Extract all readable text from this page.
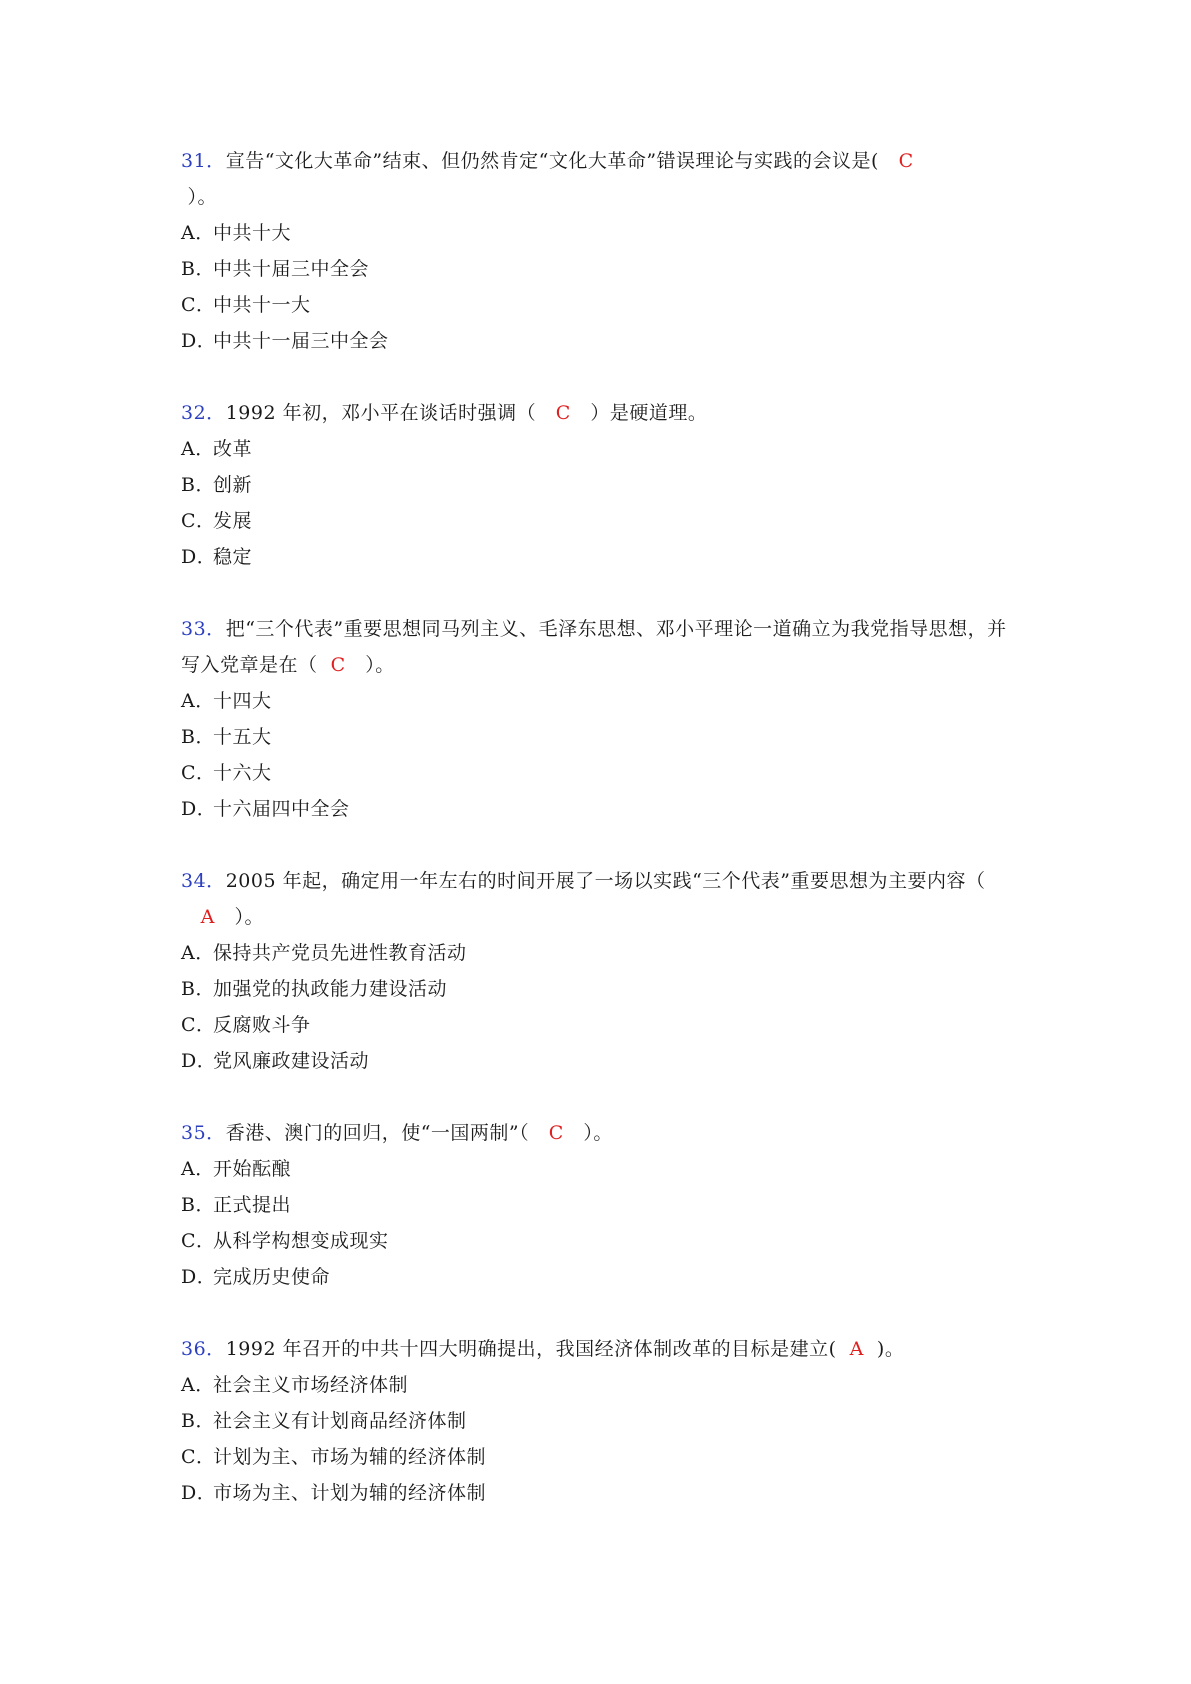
31．宣告“文化大革命”结束、但仍然肯定“文化大革命”错误理论与实践的会议是( C
）。
A．中共十大
B．中共十届三中全会
C．中共十一大
D．中共十一届三中全会
32．1992 年初，邓小平在谈话时强调（ C ）是硬道理。
A．改革
B．创新
C．发展
D．稳定
33．把“三个代表”重要思想同马列主义、毛泽东思想、邓小平理论一道确立为我党指导思想，并写入党章是在（ C ）。
A．十四大
B．十五大
C．十六大
D．十六届四中全会
34．2005 年起，确定用一年左右的时间开展了一场以实践“三个代表”重要思想为主要内容（   A ）。
A．保持共产党员先进性教育活动
B．加强党的执政能力建设活动
C．反腐败斗争
D．党风廉政建设活动
35．香港、澳门的回归，使“一国两制”（ C ）。
A．开始酝酿
B．正式提出
C．从科学构想变成现实
D．完成历史使命
36．1992 年召开的中共十四大明确提出，我国经济体制改革的目标是建立( A )。
A．社会主义市场经济体制
B．社会主义有计划商品经济体制
C．计划为主、市场为辅的经济体制
D．市场为主、计划为辅的经济体制
